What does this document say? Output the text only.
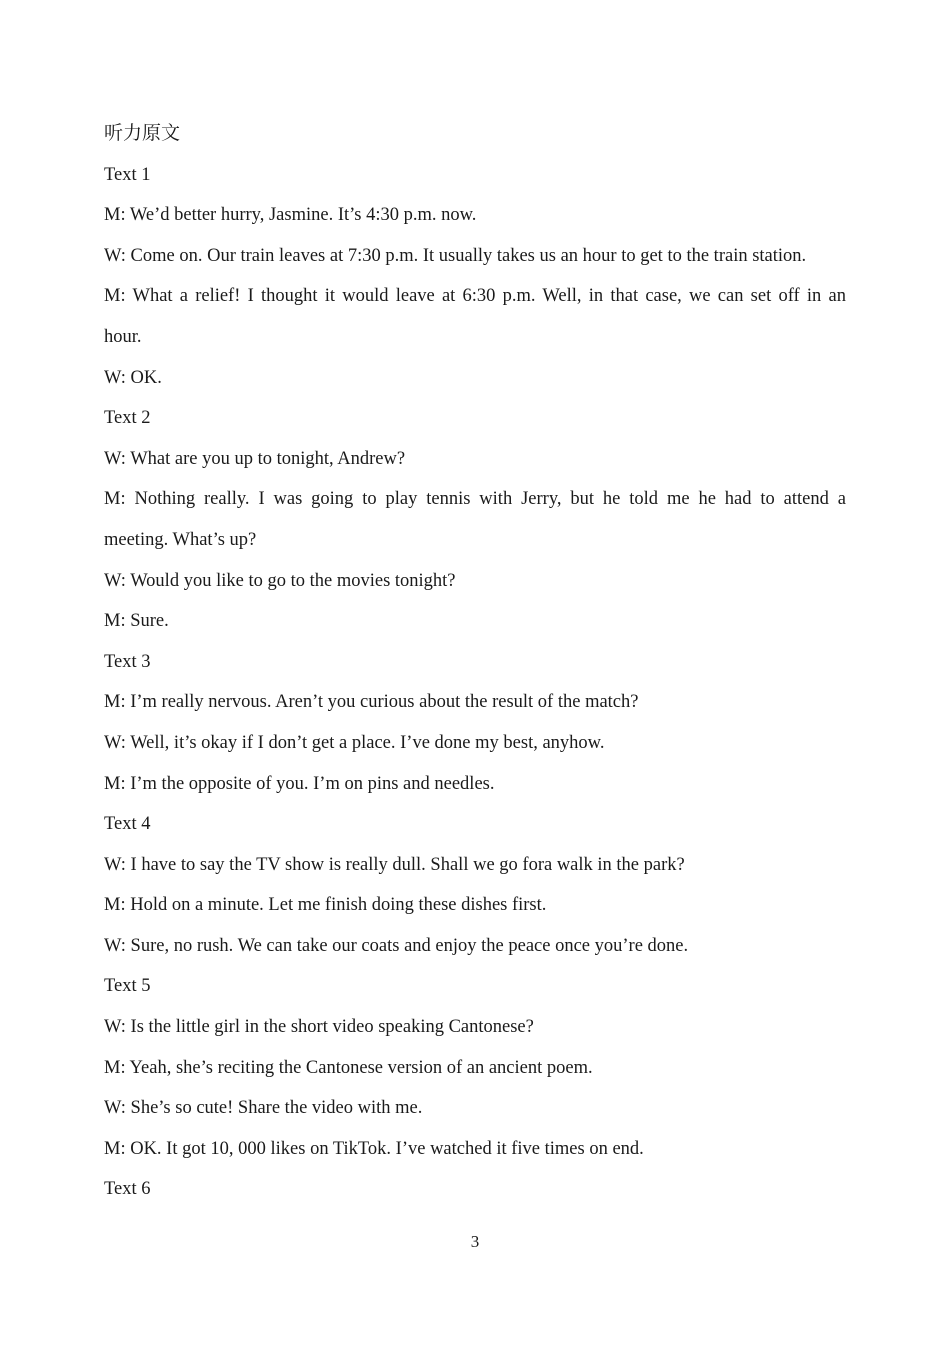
听力原文
Text 1
M: We’d better hurry, Jasmine. It’s 4:30 p.m. now.
W: Come on. Our train leaves at 7:30 p.m. It usually takes us an hour to get to the train station.
M: What a relief! I thought it would leave at 6:30 p.m. Well, in that case, we can set off in an
hour.
W: OK.
Text 2
W: What are you up to tonight, Andrew?
M: Nothing really. I was going to play tennis with Jerry, but he told me he had to attend a
meeting. What’s up?
W: Would you like to go to the movies tonight?
M: Sure.
Text 3
M: I’m really nervous. Aren’t you curious about the result of the match?
W: Well, it’s okay if I don’t get a place. I’ve done my best, anyhow.
M: I’m the opposite of you. I’m on pins and needles.
Text 4
W: I have to say the TV show is really dull. Shall we go fora walk in the park?
M: Hold on a minute. Let me finish doing these dishes first.
W: Sure, no rush. We can take our coats and enjoy the peace once you’re done.
Text 5
W: Is the little girl in the short video speaking Cantonese?
M: Yeah, she’s reciting the Cantonese version of an ancient poem.
W: She’s so cute! Share the video with me.
M: OK. It got 10, 000 likes on TikTok. I’ve watched it five times on end.
Text 6
3
